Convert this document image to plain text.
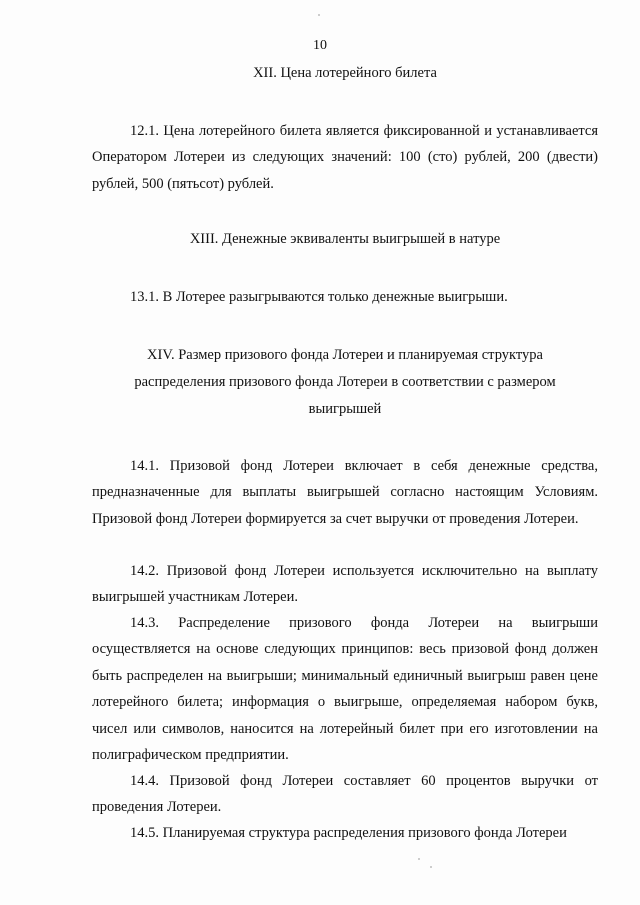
10
XII. Цена лотерейного билета

12.1. Цена лотерейного билета является фиксированной и устанавливается Оператором Лотереи из следующих значений: 100 (сто) рублей, 200 (двести) рублей, 500 (пятьсот) рублей.

XIII. Денежные эквиваленты выигрышей в натуре

13.1. В Лотерее разыгрываются только денежные выигрыши.

XIV. Размер призового фонда Лотереи и планируемая структура распределения призового фонда Лотереи в соответствии с размером выигрышей

14.1. Призовой фонд Лотереи включает в себя денежные средства, предназначенные для выплаты выигрышей согласно настоящим Условиям. Призовой фонд Лотереи формируется за счет выручки от проведения Лотереи.

14.2. Призовой фонд Лотереи используется исключительно на выплату выигрышей участникам Лотереи.

14.3. Распределение призового фонда Лотереи на выигрыши осуществляется на основе следующих принципов: весь призовой фонд должен быть распределен на выигрыши; минимальный единичный выигрыш равен цене лотерейного билета; информация о выигрыше, определяемая набором букв, чисел или символов, наносится на лотерейный билет при его изготовлении на полиграфическом предприятии.

14.4. Призовой фонд Лотереи составляет 60 процентов выручки от проведения Лотереи.

14.5. Планируемая структура распределения призового фонда Лотереи
